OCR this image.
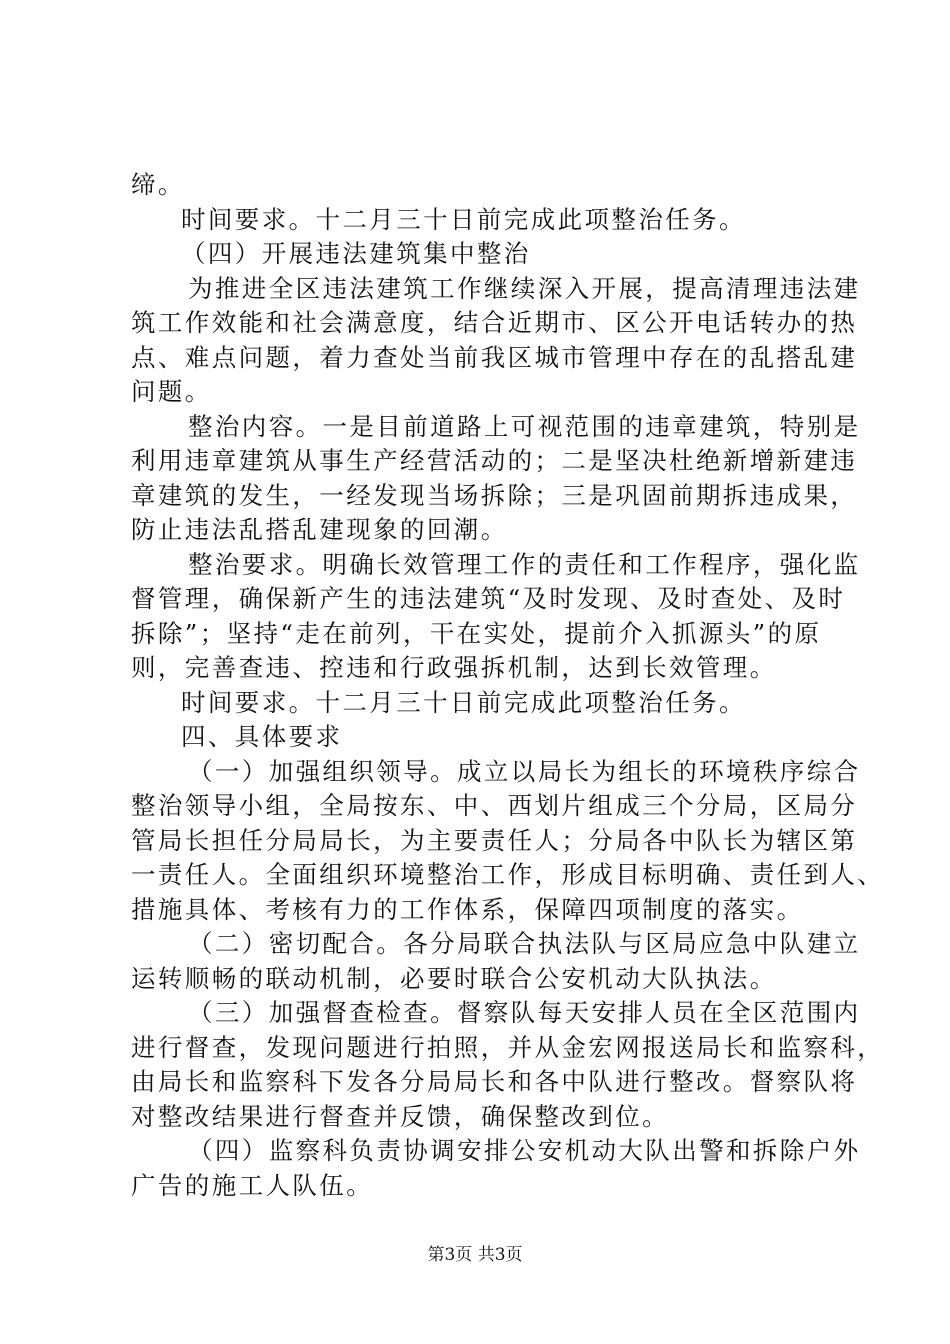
缔。
时间要求。十二月三十日前完成此项整治任务。
（四）开展违法建筑集中整治
为推进全区违法建筑工作继续深入开展，提高清理违法建
筑工作效能和社会满意度，结合近期市、区公开电话转办的热
点、难点问题，着力查处当前我区城市管理中存在的乱搭乱建
问题。
整治内容。一是目前道路上可视范围的违章建筑，特别是
利用违章建筑从事生产经营活动的；二是坚决杜绝新增新建违
章建筑的发生，一经发现当场拆除；三是巩固前期拆违成果，
防止违法乱搭乱建现象的回潮。
整治要求。明确长效管理工作的责任和工作程序，强化监
督管理，确保新产生的违法建筑“及时发现、及时查处、及时
拆除”；坚持“走在前列，干在实处，提前介入抓源头”的原
则，完善查违、控违和行政强拆机制，达到长效管理。
时间要求。十二月三十日前完成此项整治任务。
四、具体要求
（一）加强组织领导。成立以局长为组长的环境秩序综合
整治领导小组，全局按东、中、西划片组成三个分局，区局分
管局长担任分局局长，为主要责任人；分局各中队长为辖区第
一责任人。全面组织环境整治工作，形成目标明确、责任到人、
措施具体、考核有力的工作体系，保障四项制度的落实。
（二）密切配合。各分局联合执法队与区局应急中队建立
运转顺畅的联动机制，必要时联合公安机动大队执法。
（三）加强督查检查。督察队每天安排人员在全区范围内
进行督查，发现问题进行拍照，并从金宏网报送局长和监察科，
由局长和监察科下发各分局局长和各中队进行整改。督察队将
对整改结果进行督查并反馈，确保整改到位。
（四）监察科负责协调安排公安机动大队出警和拆除户外
广告的施工人队伍。
第3页 共3页
